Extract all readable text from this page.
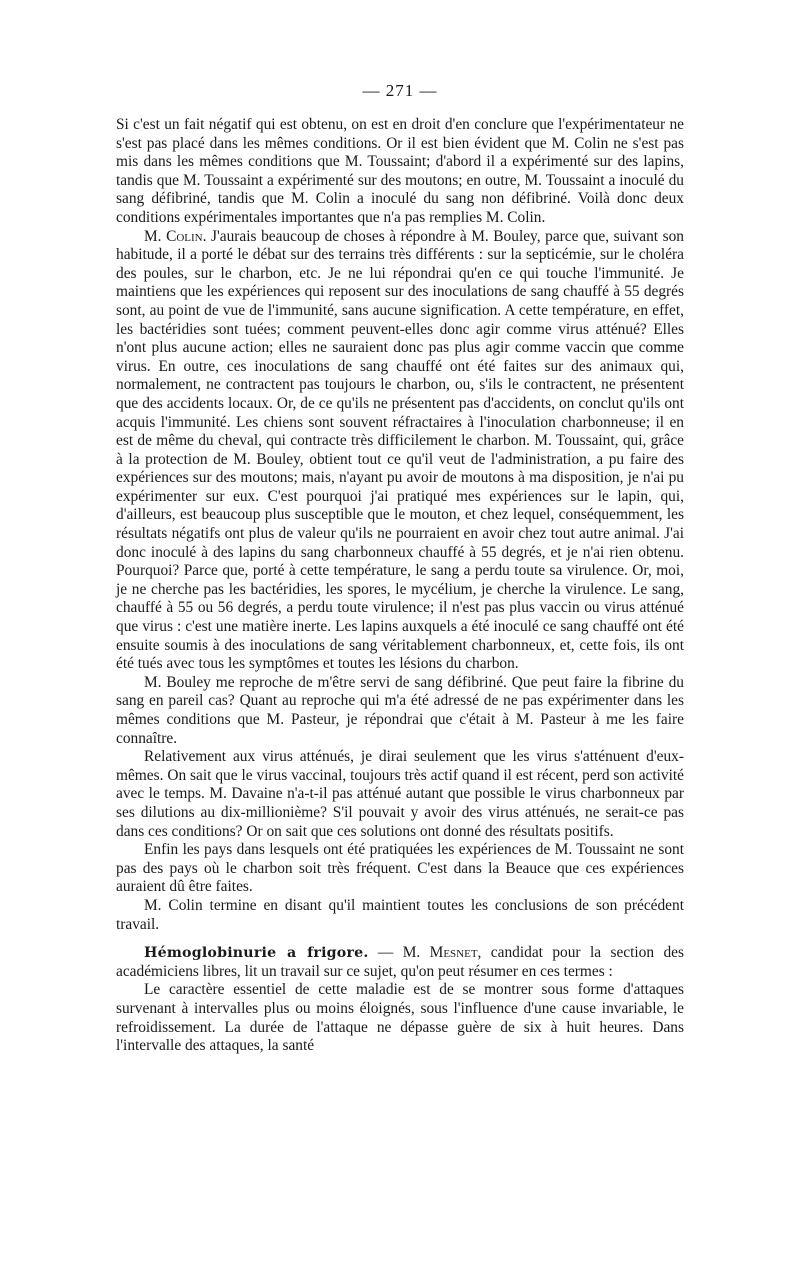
— 271 —

Si c'est un fait négatif qui est obtenu, on est en droit d'en conclure que l'expérimentateur ne s'est pas placé dans les mêmes conditions. Or il est bien évident que M. Colin ne s'est pas mis dans les mêmes conditions que M. Toussaint; d'abord il a expérimenté sur des lapins, tandis que M. Toussaint a expérimenté sur des moutons; en outre, M. Toussaint a inoculé du sang défibriné, tandis que M. Colin a inoculé du sang non défibriné. Voilà donc deux conditions expérimentales importantes que n'a pas remplies M. Colin.

M. Colin. J'aurais beaucoup de choses à répondre à M. Bouley, parce que, suivant son habitude, il a porté le débat sur des terrains très différents : sur la septicémie, sur le choléra des poules, sur le charbon, etc. Je ne lui répondrai qu'en ce qui touche l'immunité. Je maintiens que les expériences qui reposent sur des inoculations de sang chauffé à 55 degrés sont, au point de vue de l'immunité, sans aucune signification. A cette température, en effet, les bactéridies sont tuées; comment peuvent-elles donc agir comme virus atténué? Elles n'ont plus aucune action; elles ne sauraient donc pas plus agir comme vaccin que comme virus. En outre, ces inoculations de sang chauffé ont été faites sur des animaux qui, normalement, ne contractent pas toujours le charbon, ou, s'ils le contractent, ne présentent que des accidents locaux. Or, de ce qu'ils ne présentent pas d'accidents, on conclut qu'ils ont acquis l'immunité. Les chiens sont souvent réfractaires à l'inoculation charbonneuse; il en est de même du cheval, qui contracte très difficilement le charbon. M. Toussaint, qui, grâce à la protection de M. Bouley, obtient tout ce qu'il veut de l'administration, a pu faire des expériences sur des moutons; mais, n'ayant pu avoir de moutons à ma disposition, je n'ai pu expérimenter sur eux. C'est pourquoi j'ai pratiqué mes expériences sur le lapin, qui, d'ailleurs, est beaucoup plus susceptible que le mouton, et chez lequel, conséquemment, les résultats négatifs ont plus de valeur qu'ils ne pourraient en avoir chez tout autre animal. J'ai donc inoculé à des lapins du sang charbonneux chauffé à 55 degrés, et je n'ai rien obtenu. Pourquoi? Parce que, porté à cette température, le sang a perdu toute sa virulence. Or, moi, je ne cherche pas les bactéridies, les spores, le mycélium, je cherche la virulence. Le sang, chauffé à 55 ou 56 degrés, a perdu toute virulence; il n'est pas plus vaccin ou virus atténué que virus : c'est une matière inerte. Les lapins auxquels a été inoculé ce sang chauffé ont été ensuite soumis à des inoculations de sang véritablement charbonneux, et, cette fois, ils ont été tués avec tous les symptômes et toutes les lésions du charbon.

M. Bouley me reproche de m'être servi de sang défibriné. Que peut faire la fibrine du sang en pareil cas? Quant au reproche qui m'a été adressé de ne pas expérimenter dans les mêmes conditions que M. Pasteur, je répondrai que c'était à M. Pasteur à me les faire connaître.

Relativement aux virus atténués, je dirai seulement que les virus s'atténuent d'eux-mêmes. On sait que le virus vaccinal, toujours très actif quand il est récent, perd son activité avec le temps. M. Davaine n'a-t-il pas atténué autant que possible le virus charbonneux par ses dilutions au dix-millionième? S'il pouvait y avoir des virus atténués, ne serait-ce pas dans ces conditions? Or on sait que ces solutions ont donné des résultats positifs.

Enfin les pays dans lesquels ont été pratiquées les expériences de M. Toussaint ne sont pas des pays où le charbon soit très fréquent. C'est dans la Beauce que ces expériences auraient dû être faites.

M. Colin termine en disant qu'il maintient toutes les conclusions de son précédent travail.

Hémoglobinurie a frigore. — M. Mesnet, candidat pour la section des académiciens libres, lit un travail sur ce sujet, qu'on peut résumer en ces termes :

Le caractère essentiel de cette maladie est de se montrer sous forme d'attaques survenant à intervalles plus ou moins éloignés, sous l'influence d'une cause invariable, le refroidissement. La durée de l'attaque ne dépasse guère de six à huit heures. Dans l'intervalle des attaques, la santé
